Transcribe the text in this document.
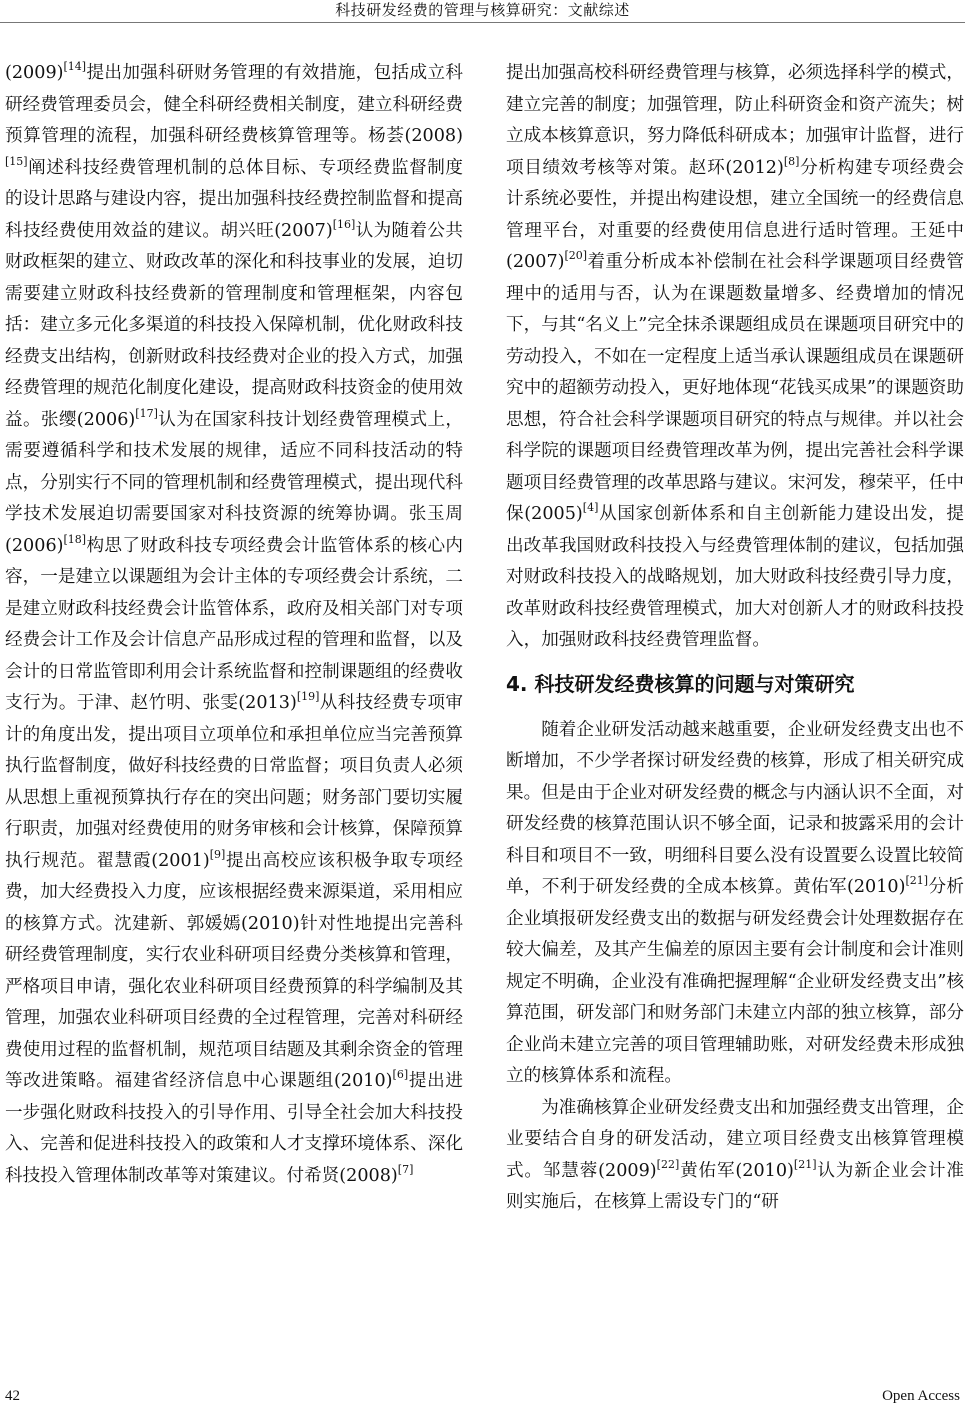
科技研发经费的管理与核算研究：文献综述

(2009)[14]提出加强科研财务管理的有效措施，包括成立科研经费管理委员会，健全科研经费相关制度，建立科研经费预算管理的流程，加强科研经费核算管理等。杨荟(2008)[15]阐述科技经费管理机制的总体目标、专项经费监督制度的设计思路与建设内容，提出加强科技经费控制监督和提高科技经费使用效益的建议。胡兴旺(2007)[16]认为随着公共财政框架的建立、财政改革的深化和科技事业的发展，迫切需要建立财政科技经费新的管理制度和管理框架，内容包括：建立多元化多渠道的科技投入保障机制，优化财政科技经费支出结构，创新财政科技经费对企业的投入方式，加强经费管理的规范化制度化建设，提高财政科技资金的使用效益。张缨(2006)[17]认为在国家科技计划经费管理模式上，需要遵循科学和技术发展的规律，适应不同科技活动的特点，分别实行不同的管理机制和经费管理模式，提出现代科学技术发展迫切需要国家对科技资源的统筹协调。张玉周(2006)[18]构思了财政科技专项经费会计监管体系的核心内容，一是建立以课题组为会计主体的专项经费会计系统，二是建立财政科技经费会计监管体系，政府及相关部门对专项经费会计工作及会计信息产品形成过程的管理和监督，以及会计的日常监管即利用会计系统监督和控制课题组的经费收支行为。于津、赵竹明、张雯(2013)[19]从科技经费专项审计的角度出发，提出项目立项单位和承担单位应当完善预算执行监督制度，做好科技经费的日常监督；项目负责人必须从思想上重视预算执行存在的突出问题；财务部门要切实履行职责，加强对经费使用的财务审核和会计核算，保障预算执行规范。翟慧霞(2001)[9]提出高校应该积极争取专项经费，加大经费投入力度，应该根据经费来源渠道，采用相应的核算方式。沈建新、郭媛嫣(2010)针对性地提出完善科研经费管理制度，实行农业科研项目经费分类核算和管理，严格项目申请，强化农业科研项目经费预算的科学编制及其管理，加强农业科研项目经费的全过程管理，完善对科研经费使用过程的监督机制，规范项目结题及其剩余资金的管理等改进策略。福建省经济信息中心课题组(2010)[6]提出进一步强化财政科技投入的引导作用、引导全社会加大科技投入、完善和促进科技投入的政策和人才支撑环境体系、深化科技投入管理体制改革等对策建议。付希贤(2008)[7]

提出加强高校科研经费管理与核算，必须选择科学的模式，建立完善的制度；加强管理，防止科研资金和资产流失；树立成本核算意识，努力降低科研成本；加强审计监督，进行项目绩效考核等对策。赵环(2012)[8]分析构建专项经费会计系统必要性，并提出构建设想，建立全国统一的经费信息管理平台，对重要的经费使用信息进行适时管理。王延中(2007)[20]着重分析成本补偿制在社会科学课题项目经费管理中的适用与否，认为在课题数量增多、经费增加的情况下，与其“名义上”完全抹杀课题组成员在课题项目研究中的劳动投入，不如在一定程度上适当承认课题组成员在课题研究中的超额劳动投入，更好地体现“花钱买成果”的课题资助思想，符合社会科学课题项目研究的特点与规律。并以社会科学院的课题项目经费管理改革为例，提出完善社会科学课题项目经费管理的改革思路与建议。宋河发，穆荣平，任中保(2005)[4]从国家创新体系和自主创新能力建设出发，提出改革我国财政科技投入与经费管理体制的建议，包括加强对财政科技投入的战略规划，加大财政科技经费引导力度，改革财政科技经费管理模式，加大对创新人才的财政科技投入，加强财政科技经费管理监督。

4. 科技研发经费核算的问题与对策研究

随着企业研发活动越来越重要，企业研发经费支出也不断增加，不少学者探讨研发经费的核算，形成了相关研究成果。但是由于企业对研发经费的概念与内涵认识不全面，对研发经费的核算范围认识不够全面，记录和披露采用的会计科目和项目不一致，明细科目要么没有设置要么设置比较简单，不利于研发经费的全成本核算。黄佑军(2010)[21]分析企业填报研发经费支出的数据与研发经费会计处理数据存在较大偏差，及其产生偏差的原因主要有会计制度和会计准则规定不明确，企业没有准确把握理解“企业研发经费支出”核算范围，研发部门和财务部门未建立内部的独立核算，部分企业尚未建立完善的项目管理辅助账，对研发经费未形成独立的核算体系和流程。

为准确核算企业研发经费支出和加强经费支出管理，企业要结合自身的研发活动，建立项目经费支出核算管理模式。邹慧蓉(2009)[22]黄佑军(2010)[21]认为新企业会计准则实施后，在核算上需设专门的“研

42	Open Access
